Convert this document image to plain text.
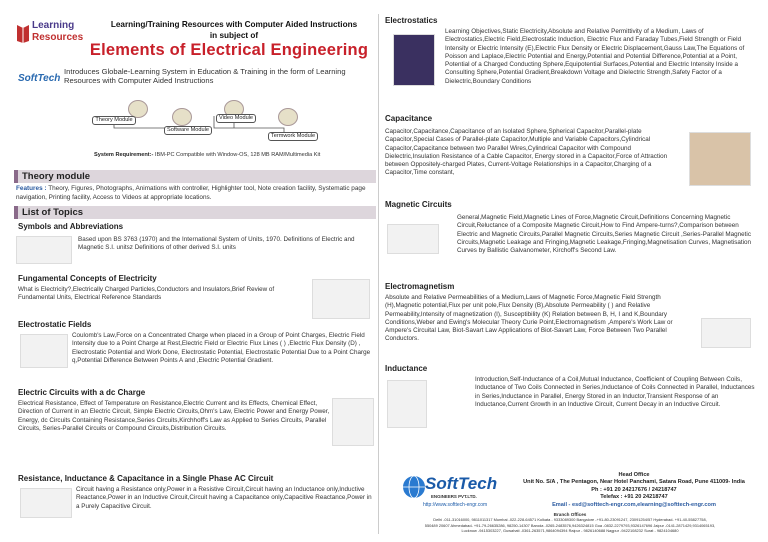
Learning
Resources
Learning/Training Resources with Computer Aided Instructions
in subject of
Elements of Electrical Engineering
SoftTech
Introduces Globale-Learning System in Education & Training in the form of Learning Resources with Computer Aided Instructions
Theory Module
Software Module
Video Module
Termwork Module
System Requirement:- IBM-PC Compatible with Window-OS, 128 MB RAM/Multimedia Kit
Theory module
Features : Theory, Figures, Photographs, Animations with controller, Highlighter tool, Note creation facility, Systematic page navigation, Printing facility, Access to Videos at appropriate locations.
List of Topics
Symbols and Abbreviations
Based upon BS 3763 (1970) and the International System of Units, 1970. Definitions of Electric and Magnetic S.I. unitsz Definitions of other derived S.I. units
Fungamental Concepts of Electricity
What is Electricity?,Electrically Charged Particles,Conductors and Insulators,Brief Review of Fundamental Units, Electrical Reference Standards
Electrostatic Fields
Coulomb's Law,Force on a Concentrated Charge when placed in a Group of Point Charges, Electric Field Intensity due to a Point Charge at Rest,Electric Field or Electric Flux Lines ( ) ,Electric Flux Density (D) , Electrostatic Potential and Work Done, Electrostatic Potential, Electrostatic Potential Due to a Point Charge q,Potential Difference Between Points A and ,Electric Potential Gradient.
Electric Circuits with a dc Charge
Electrical Resistance, Effect of Temperature on Resistance,Electric Current and its Effects, Chemical Effect, Direction of Current in an Electric Circuit, Simple Electric Circuits,Ohm's Law, Electric Power and Energy Power, Energy, dc Circuits Containing Resistance,Series Circuits,Kirchhoff's Law as Applied to Series Circuits, Parallel Circuits, Series-Parallel Circuits or Compound Circuits,Distribution Circuits.
Resistance, Inductance & Capacitance in a Single Phase AC Circuit
Circuit having a Resistance only,Power in a Resistive Circuit,Circuit having an Inductance only,Inductive Reactance,Power in an Inductive Circuit,Circuit having a Capacitance only,Capacitive Reactance,Power in a Purely Capacitive Circuit.
Electrostatics
Learning Objectives,Static Electricity,Absolute and Relative Permittivity of a Medium, Laws of Electrostatics,Electric Field,Electrostatic Induction, Electric Flux and Faraday Tubes,Field Strength or Field Intensity or Electric Intensity (E),Electric Flux Density or Electric Displacement,Gauss Law,The Equations of Poisson and Laplace,Electric Potential and Energy,Potential and Potential Difference,Potential at a Point, Potential of a Charged Conducting Sphere,Equipotential Surfaces,Potential and Electric Intensity Inside a Consulting Sphere,Potential Gradient,Breakdown Voltage and Dielectric Strength,Safety Factor of a Dielectric,Boundary Conditions
Capacitance
Capacitor,Capacitance,Capacitance of an Isolated Sphere,Spherical Capacitor,Parallel-plate Capacitor,Special Cases of Parallel-plate Capacitor,Multiple and Variable Capacitors,Cylindrical Capacitor,Capacitance between two Parallel Wires,Cylindrical Capacitor with Compound Dielectric,Insulation Resistance of a Cable Capacitor, Energy stored in a Capacitor,Force of Attraction between Oppositely-charged Plates, Current-Voltage Relationships in a Capacitor,Charging of a Capacitor,Time constant,
Magnetic Circuits
General,Magnetic Field,Magnetic Lines of Force,Magnetic Circuit,Definitions Concerning Magnetic Circuit,Reluctance of a Composite Magnetic Circuit,How to Find Ampere-turns?,Comparison between Electric and Magnetic Circuits,Parallel Magnetic Circuits,Series Magnetic Circuit ,Series-Parallel Magnetic Circuits,Magnetic Leakage and Fringing,Magnetic Leakage,Fringing,Magnetisation Curves, Magnetisation Curves by Ballistic Galvanometer, Kirchoff's Second Law.
Electromagnetism
Absolute and Relative Permeabilities of a Medium,Laws of Magnetic Force,Magnetic Field Strength (H),Magnetic potential,Flux per unit pole,Flux Density (B),Absolute Permeability ( ) and Relative Permeability,Intensity of magnetization (I), Susceptibility (K) Relation between B, H, I and K,Boundary Conditions,Weber and Ewing's Molecular Theory Curie Point,Electromagnetism ,Ampere's Work Law or Ampere's Circuital Law, Biot-Savart Law Applications of Biot-Savart Law, Force Between Two Parallel Conductors.
Inductance
Introduction,Self-Inductance of a Coil,Mutual Inductance, Coefficient of Coupling Between Coils, Inductance of Two Coils Connected in Series,Inductance of Coils Connected in Parallel, Inductances in Series,Inductance in Parallel, Energy Stored in an Inductor,Transient Response of an Inductance,Current Growth in an Inductive Circuit, Current Decay in an Inductive Circuit.
SoftTech
ENGINEERS PVT.LTD.
http://www.softtech-engr.com
Head Office
Unit No. S/A , The Pentagon, Near Hotel Panchami, Satara Road, Pune 411009- India
Ph : +91 20 24217676 / 24218747
Telefax : +91 20 24218747
Email - esd@softtech-engr.com,elearning@softtech-engr.com
Branch Offices
Delhi -011-31016000, 9811011317 Mumbai -022-228-64571 Kolkata - 9333089300 Bangalore -+91-80-23091247, 23091254/57 Hyderabad- +91-40-55827758,
550489 20607 Ahmedabad- +91-79-26635286, 98250-14307 Baroda -0265-2483576,9426324815 Goa -0832-2279793,9326147696 Jaipur -0141-2871429,9314065193,
Lucknow -9415303227, Guwahati -0361-263571,9864094394 Raipur - 9826140688 Nagpur -9422108232 Surat - 9824104680
